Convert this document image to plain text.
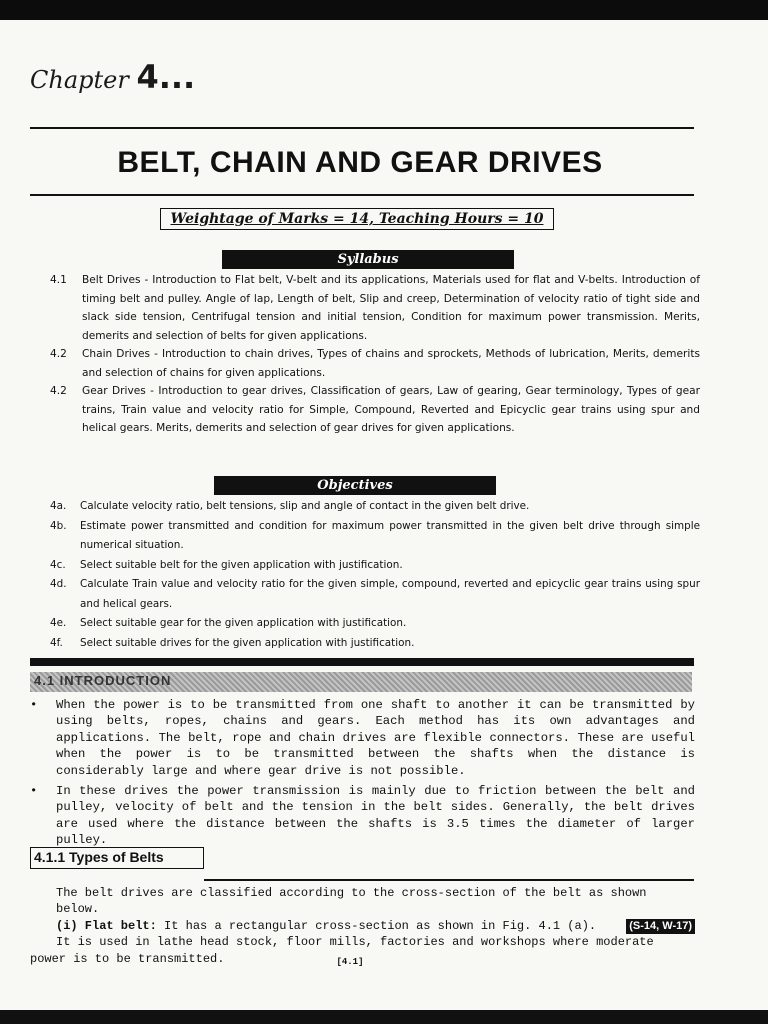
Chapter 4...
BELT, CHAIN AND GEAR DRIVES
Weightage of Marks = 14, Teaching Hours = 10
Syllabus
4.1	Belt Drives - Introduction to Flat belt, V-belt and its applications, Materials used for flat and V-belts. Introduction of timing belt and pulley. Angle of lap, Length of belt, Slip and creep, Determination of velocity ratio of tight side and slack side tension, Centrifugal tension and initial tension, Condition for maximum power transmission. Merits, demerits and selection of belts for given applications.
4.2	Chain Drives - Introduction to chain drives, Types of chains and sprockets, Methods of lubrication, Merits, demerits and selection of chains for given applications.
4.2	Gear Drives - Introduction to gear drives, Classification of gears, Law of gearing, Gear terminology, Types of gear trains, Train value and velocity ratio for Simple, Compound, Reverted and Epicyclic gear trains using spur and helical gears. Merits, demerits and selection of gear drives for given applications.
Objectives
4a.	Calculate velocity ratio, belt tensions, slip and angle of contact in the given belt drive.
4b.	Estimate power transmitted and condition for maximum power transmitted in the given belt drive through simple numerical situation.
4c.	Select suitable belt for the given application with justification.
4d.	Calculate Train value and velocity ratio for the given simple, compound, reverted and epicyclic gear trains using spur and helical gears.
4e.	Select suitable gear for the given application with justification.
4f.	Select suitable drives for the given application with justification.
4.1 INTRODUCTION
•	When the power is to be transmitted from one shaft to another it can be transmitted by using belts, ropes, chains and gears. Each method has its own advantages and applications. The belt, rope and chain drives are flexible connectors. These are useful when the power is to be transmitted between the shafts when the distance is considerably large and where gear drive is not possible.
•	In these drives the power transmission is mainly due to friction between the belt and pulley, velocity of belt and the tension in the belt sides. Generally, the belt drives are used where the distance between the shafts is 3.5 times the diameter of larger pulley.
4.1.1 Types of Belts
The belt drives are classified according to the cross-section of the belt as shown below.
(i) Flat belt: It has a rectangular cross-section as shown in Fig. 4.1 (a).	(S-14, W-17)
It is used in lathe head stock, floor mills, factories and workshops where moderate power is to be transmitted.	[4.1]
